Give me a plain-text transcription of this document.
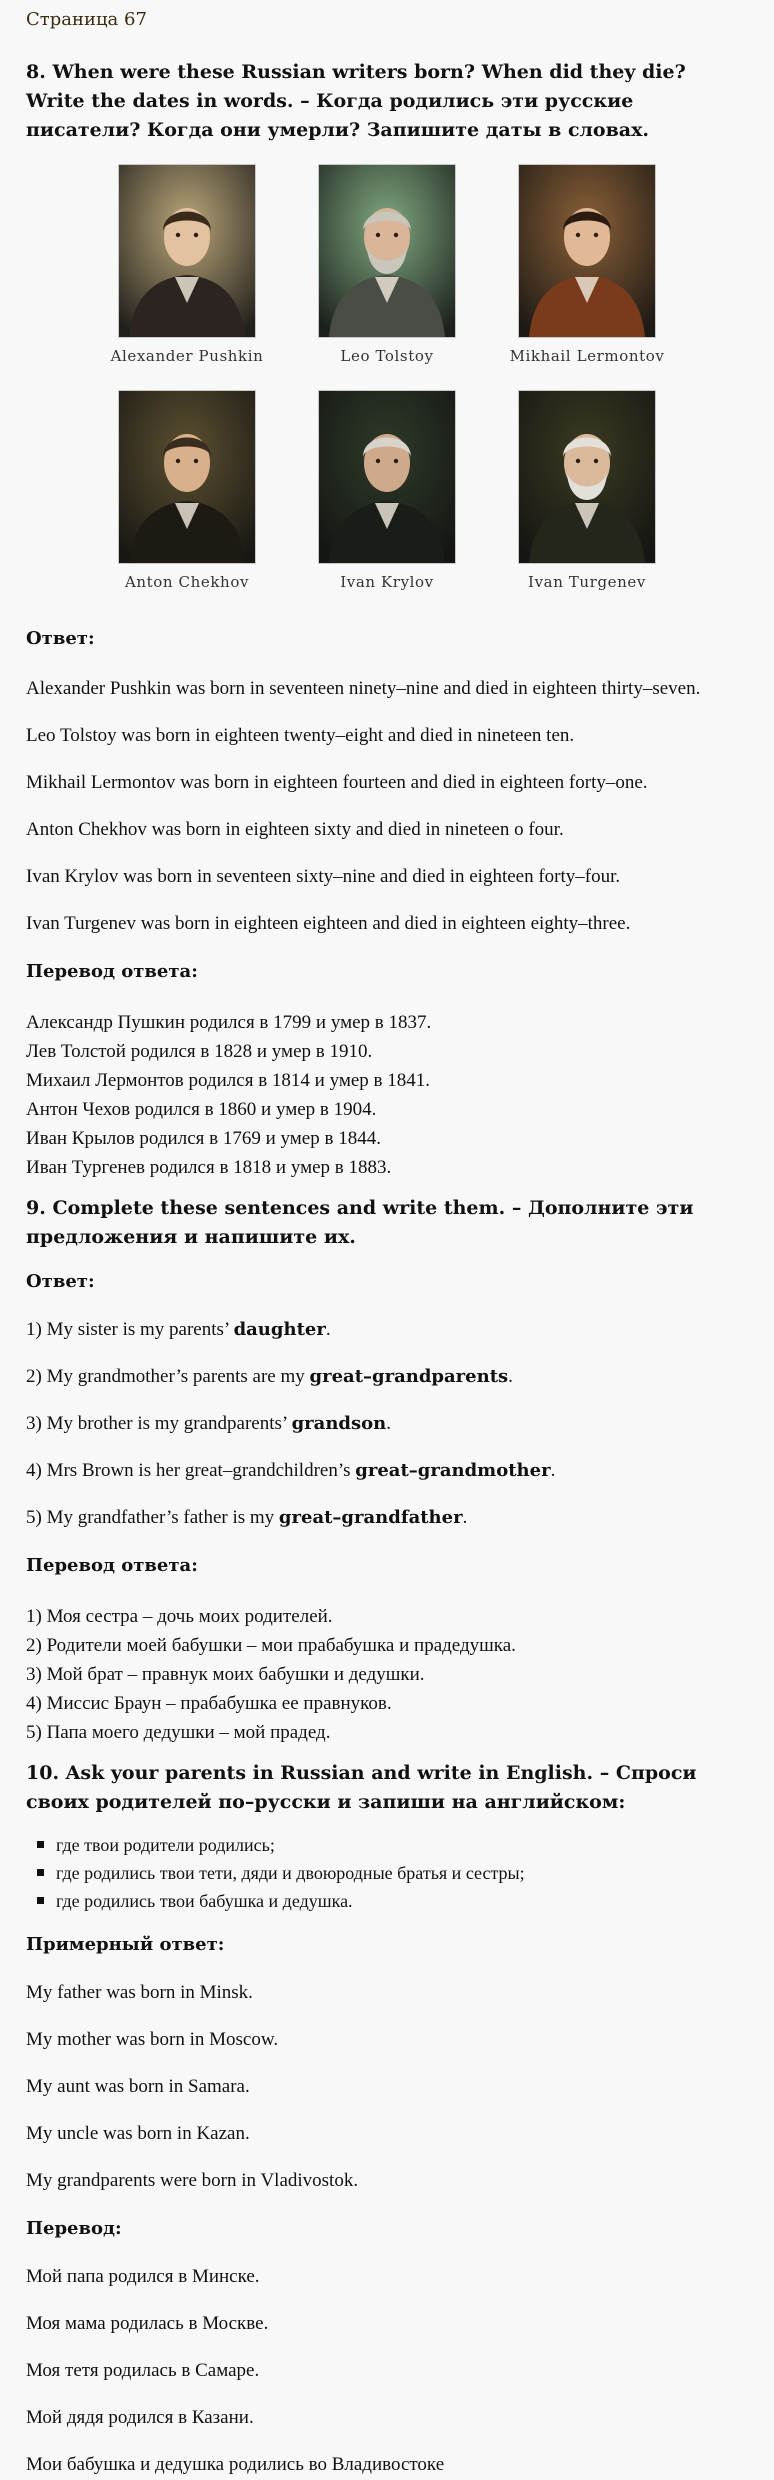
Страница 67
8. When were these Russian writers born? When did they die? Write the dates in words. – Когда родились эти русские писатели? Когда они умерли? Запишите даты в словах.
Alexander Pushkin	Leo Tolstoy	Mikhail Lermontov
Anton Chekhov	Ivan Krylov	Ivan Turgenev
Ответ:
Alexander Pushkin was born in seventeen ninety–nine and died in eighteen thirty–seven.
Leo Tolstoy was born in eighteen twenty–eight and died in nineteen ten.
Mikhail Lermontov was born in eighteen fourteen and died in eighteen forty–one.
Anton Chekhov was born in eighteen sixty and died in nineteen o four.
Ivan Krylov was born in seventeen sixty–nine and died in eighteen forty–four.
Ivan Turgenev was born in eighteen eighteen and died in eighteen eighty–three.
Перевод ответа:
Александр Пушкин родился в 1799 и умер в 1837.
Лев Толстой родился в 1828 и умер в 1910.
Михаил Лермонтов родился в 1814 и умер в 1841.
Антон Чехов родился в 1860 и умер в 1904.
Иван Крылов родился в 1769 и умер в 1844.
Иван Тургенев родился в 1818 и умер в 1883.
9. Complete these sentences and write them. – Дополните эти предложения и напишите их.
Ответ:
1) My sister is my parents’ daughter.
2) My grandmother’s parents are my great–grandparents.
3) My brother is my grandparents’ grandson.
4) Mrs Brown is her great–grandchildren’s great–grandmother.
5) My grandfather’s father is my great–grandfather.
Перевод ответа:
1) Моя сестра – дочь моих родителей.
2) Родители моей бабушки – мои прабабушка и прадедушка.
3) Мой брат – правнук моих бабушки и дедушки.
4) Миссис Браун – прабабушка ее правнуков.
5) Папа моего дедушки – мой прадед.
10. Ask your parents in Russian and write in English. – Спроси своих родителей по–русски и запиши на английском:
где твои родители родились;
где родились твои тети, дяди и двоюродные братья и сестры;
где родились твои бабушка и дедушка.
Примерный ответ:
My father was born in Minsk.
My mother was born in Moscow.
My aunt was born in Samara.
My uncle was born in Kazan.
My grandparents were born in Vladivostok.
Перевод:
Мой папа родился в Минске.
Моя мама родилась в Москве.
Моя тетя родилась в Самаре.
Мой дядя родился в Казани.
Мои бабушка и дедушка родились во Владивостоке
